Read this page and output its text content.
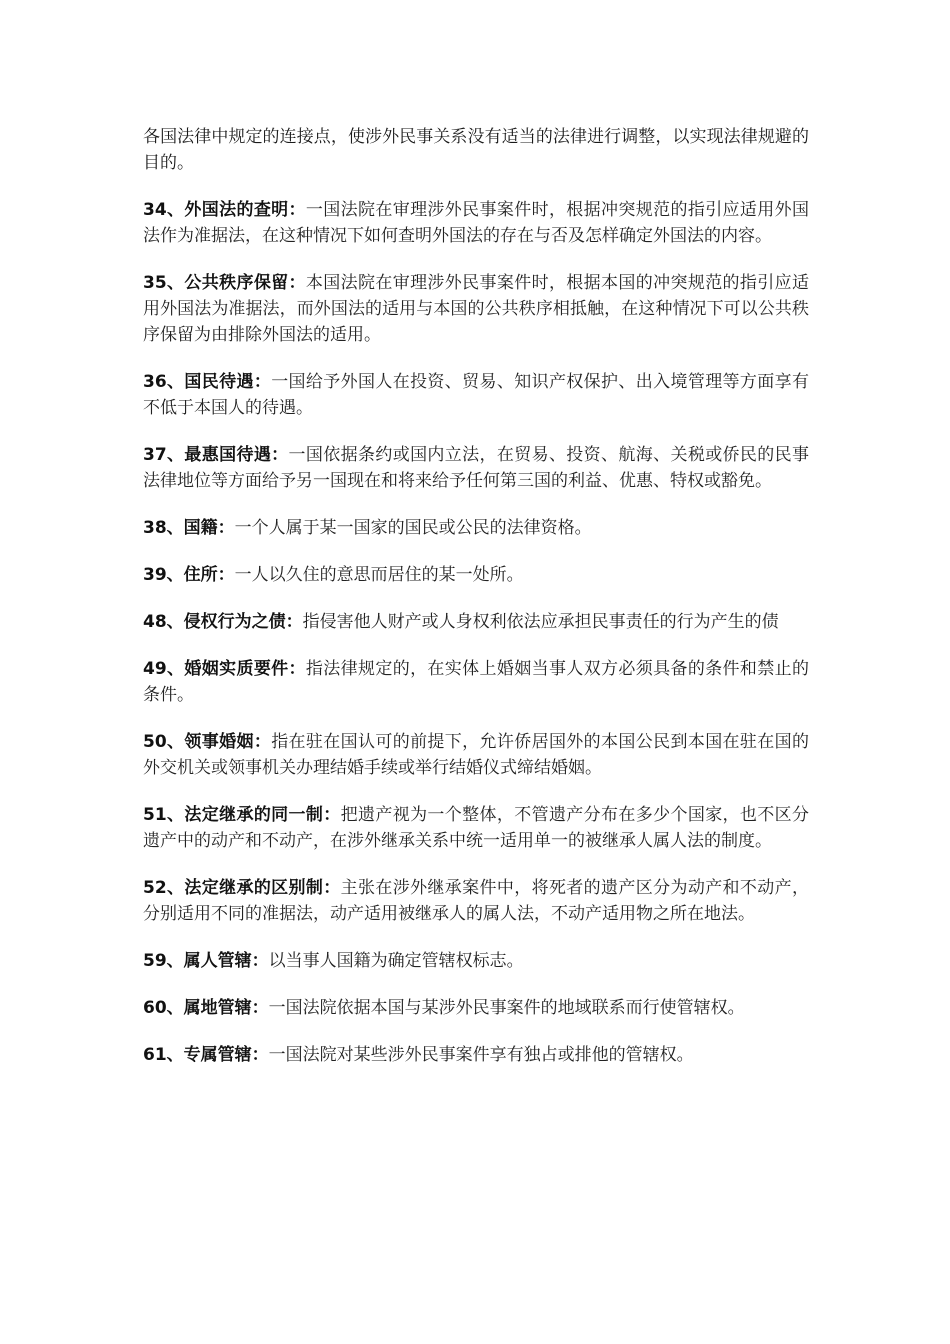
各国法律中规定的连接点，使涉外民事关系没有适当的法律进行调整，以实现法律规避的目的。

34、外国法的查明：一国法院在审理涉外民事案件时，根据冲突规范的指引应适用外国法作为准据法，在这种情况下如何查明外国法的存在与否及怎样确定外国法的内容。

35、公共秩序保留：本国法院在审理涉外民事案件时，根据本国的冲突规范的指引应适用外国法为准据法，而外国法的适用与本国的公共秩序相抵触，在这种情况下可以公共秩序保留为由排除外国法的适用。

36、国民待遇：一国给予外国人在投资、贸易、知识产权保护、出入境管理等方面享有不低于本国人的待遇。

37、最惠国待遇：一国依据条约或国内立法，在贸易、投资、航海、关税或侨民的民事法律地位等方面给予另一国现在和将来给予任何第三国的利益、优惠、特权或豁免。

38、国籍：一个人属于某一国家的国民或公民的法律资格。

39、住所：一人以久住的意思而居住的某一处所。

48、侵权行为之债：指侵害他人财产或人身权利依法应承担民事责任的行为产生的债

49、婚姻实质要件：指法律规定的，在实体上婚姻当事人双方必须具备的条件和禁止的条件。

50、领事婚姻：指在驻在国认可的前提下，允许侨居国外的本国公民到本国在驻在国的外交机关或领事机关办理结婚手续或举行结婚仪式缔结婚姻。

51、法定继承的同一制：把遗产视为一个整体，不管遗产分布在多少个国家，也不区分遗产中的动产和不动产，在涉外继承关系中统一适用单一的被继承人属人法的制度。

52、法定继承的区别制：主张在涉外继承案件中，将死者的遗产区分为动产和不动产，分别适用不同的准据法，动产适用被继承人的属人法，不动产适用物之所在地法。

59、属人管辖：以当事人国籍为确定管辖权标志。

60、属地管辖：一国法院依据本国与某涉外民事案件的地域联系而行使管辖权。

61、专属管辖：一国法院对某些涉外民事案件享有独占或排他的管辖权。
